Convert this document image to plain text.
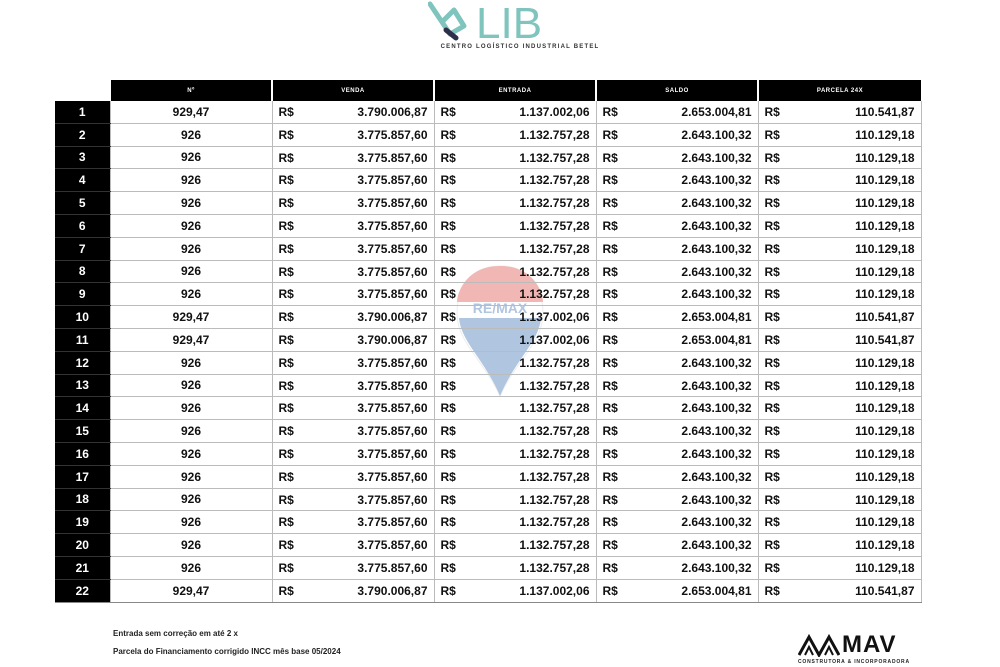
LIB
CENTRO LOGÍSTICO INDUSTRIAL BETEL
RE/MAX
	Nº	VENDA	ENTRADA	SALDO	PARCELA 24X
1	929,47	R$ 3.790.006,87	R$ 1.137.002,06	R$ 2.653.004,81	R$ 110.541,87

2	926	R$ 3.775.857,60	R$ 1.132.757,28	R$ 2.643.100,32	R$ 110.129,18

3	926	R$ 3.775.857,60	R$ 1.132.757,28	R$ 2.643.100,32	R$ 110.129,18

4	926	R$ 3.775.857,60	R$ 1.132.757,28	R$ 2.643.100,32	R$ 110.129,18

5	926	R$ 3.775.857,60	R$ 1.132.757,28	R$ 2.643.100,32	R$ 110.129,18

6	926	R$ 3.775.857,60	R$ 1.132.757,28	R$ 2.643.100,32	R$ 110.129,18

7	926	R$ 3.775.857,60	R$ 1.132.757,28	R$ 2.643.100,32	R$ 110.129,18

8	926	R$ 3.775.857,60	R$ 1.132.757,28	R$ 2.643.100,32	R$ 110.129,18

9	926	R$ 3.775.857,60	R$ 1.132.757,28	R$ 2.643.100,32	R$ 110.129,18

10	929,47	R$ 3.790.006,87	R$ 1.137.002,06	R$ 2.653.004,81	R$ 110.541,87

11	929,47	R$ 3.790.006,87	R$ 1.137.002,06	R$ 2.653.004,81	R$ 110.541,87

12	926	R$ 3.775.857,60	R$ 1.132.757,28	R$ 2.643.100,32	R$ 110.129,18

13	926	R$ 3.775.857,60	R$ 1.132.757,28	R$ 2.643.100,32	R$ 110.129,18

14	926	R$ 3.775.857,60	R$ 1.132.757,28	R$ 2.643.100,32	R$ 110.129,18

15	926	R$ 3.775.857,60	R$ 1.132.757,28	R$ 2.643.100,32	R$ 110.129,18

16	926	R$ 3.775.857,60	R$ 1.132.757,28	R$ 2.643.100,32	R$ 110.129,18

17	926	R$ 3.775.857,60	R$ 1.132.757,28	R$ 2.643.100,32	R$ 110.129,18

18	926	R$ 3.775.857,60	R$ 1.132.757,28	R$ 2.643.100,32	R$ 110.129,18

19	926	R$ 3.775.857,60	R$ 1.132.757,28	R$ 2.643.100,32	R$ 110.129,18

20	926	R$ 3.775.857,60	R$ 1.132.757,28	R$ 2.643.100,32	R$ 110.129,18

21	926	R$ 3.775.857,60	R$ 1.132.757,28	R$ 2.643.100,32	R$ 110.129,18

22	929,47	R$ 3.790.006,87	R$ 1.137.002,06	R$ 2.653.004,81	R$ 110.541,87
Entrada sem correção em até 2 x
Parcela do Financiamento corrigido INCC mês base 05/2024	MAV
CONSTRUTORA & INCORPORADORA
